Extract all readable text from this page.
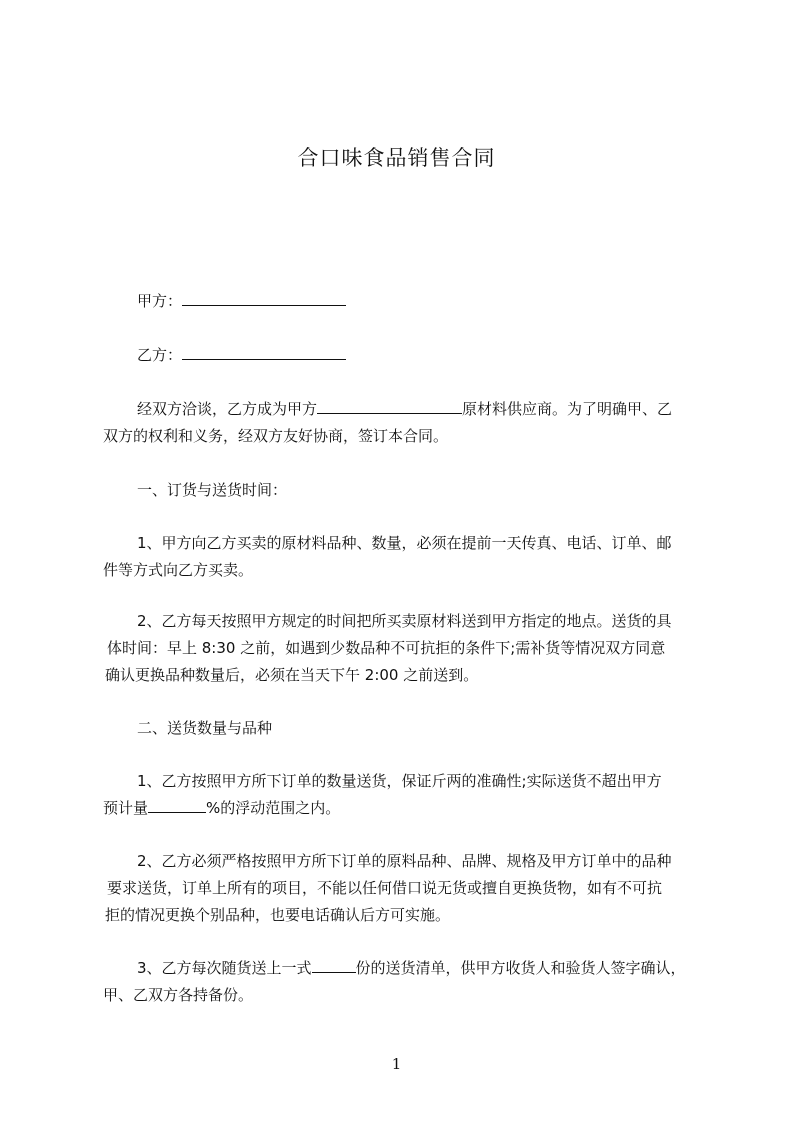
合口味食品销售合同

甲方：

乙方：

经双方洽谈，乙方成为甲方	原材料供应商。为了明确甲、乙

双方的权利和义务，经双方友好协商，签订本合同。

一、订货与送货时间：

1、甲方向乙方买卖的原材料品种、数量，必须在提前一天传真、电话、订单、邮

件等方式向乙方买卖。

2、乙方每天按照甲方规定的时间把所买卖原材料送到甲方指定的地点。送货的具

体时间：早上 8:30 之前，如遇到少数品种不可抗拒的条件下;需补货等情况双方同意

确认更换品种数量后，必须在当天下午 2:00 之前送到。

二、送货数量与品种

1、乙方按照甲方所下订单的数量送货，保证斤两的准确性;实际送货不超出甲方

预计量	%的浮动范围之内。

2、乙方必须严格按照甲方所下订单的原料品种、品牌、规格及甲方订单中的品种

要求送货，订单上所有的项目，不能以任何借口说无货或擅自更换货物，如有不可抗

拒的情况更换个别品种，也要电话确认后方可实施。

3、乙方每次随货送上一式	份的送货清单，供甲方收货人和验货人签字确认，

甲、乙双方各持备份。

1
